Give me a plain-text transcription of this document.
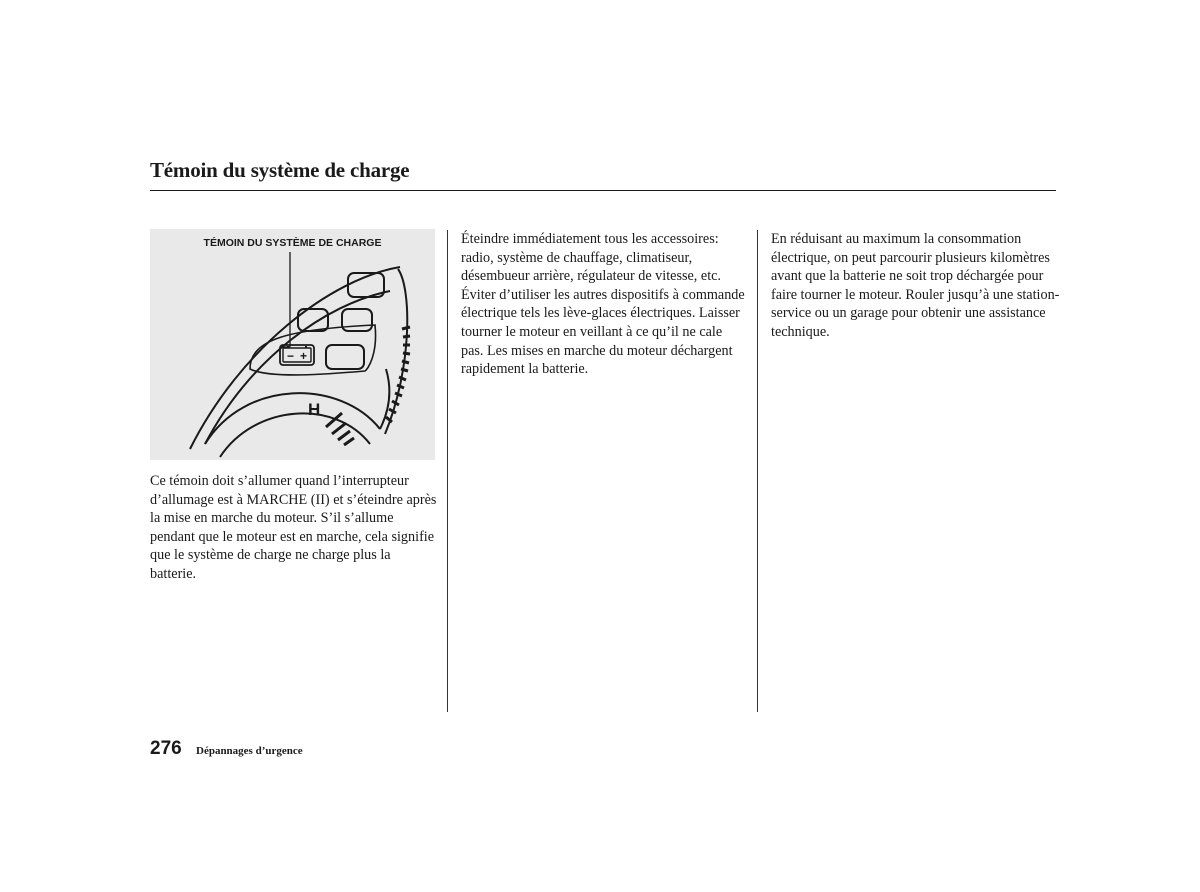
Témoin du système de charge
TÉMOIN DU SYSTÈME DE CHARGE
− +
H

Ce témoin doit s’allumer quand l’interrupteur d’allumage est à MARCHE (II) et s’éteindre après la mise en marche du moteur. S’il s’allume pendant que le moteur est en marche, cela signifie que le système de charge ne charge plus la batterie.

Éteindre immédiatement tous les accessoires: radio, système de chauffage, climatiseur, désembueur arrière, régulateur de vitesse, etc. Éviter d’utiliser les autres dispositifs à commande électrique tels les lève-glaces électriques. Laisser tourner le moteur en veillant à ce qu’il ne cale pas. Les mises en marche du moteur déchargent rapidement la batterie.

En réduisant au maximum la consommation électrique, on peut parcourir plusieurs kilomètres avant que la batterie ne soit trop déchargée pour faire tourner le moteur. Rouler jusqu’à une station-service ou un garage pour obtenir une assistance technique.

276 Dépannages d’urgence
